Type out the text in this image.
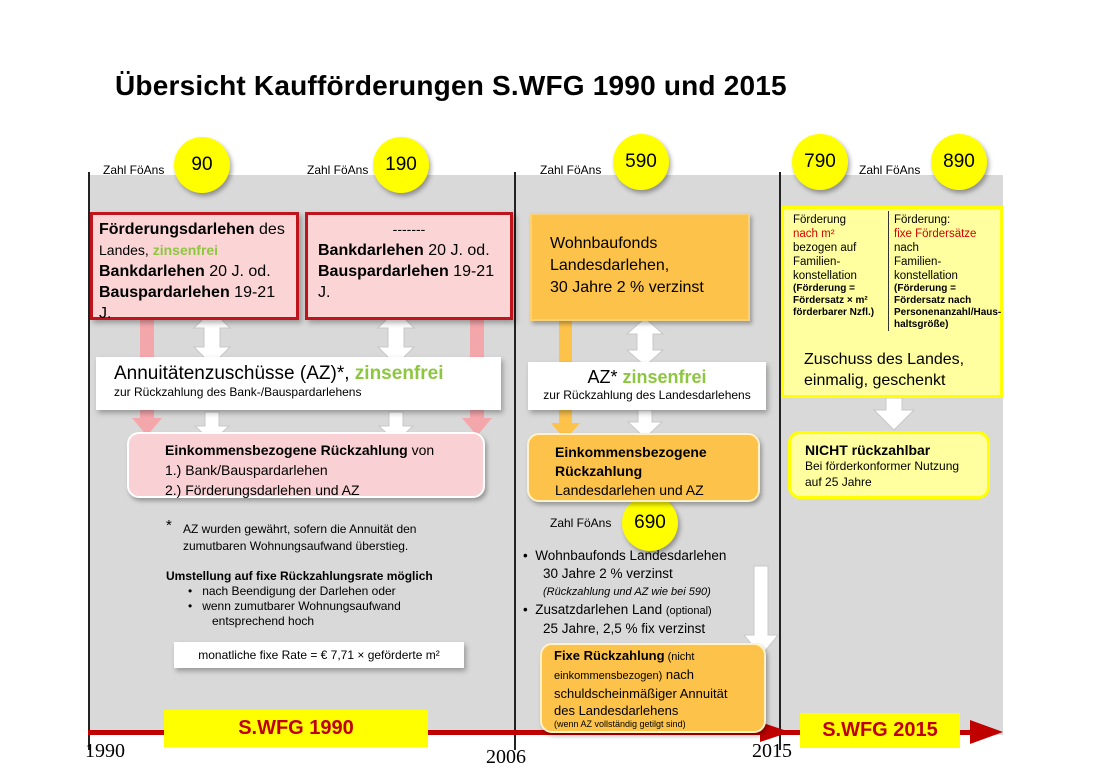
Übersicht Kaufförderungen S.WFG 1990 und 2015
Zahl FöAns	Zahl FöAns	Zahl FöAns	Zahl FöAns
Zahl FöAns
90	190	590
690
790	890
Förderungsdarlehen des
Landes, zinsenfrei
Bankdarlehen 20 J. od.
Bauspardarlehen 19-21 J.
-------
Bankdarlehen 20 J. od.
Bauspardarlehen 19-21 J.
Annuitätenzuschüsse (AZ)*, zinsenfrei
zur Rückzahlung des Bank-/Bauspardarlehens
Einkommensbezogene Rückzahlung von
1.) Bank/Bauspardarlehen
2.) Förderungsdarlehen und AZ
* AZ wurden gewährt, sofern die Annuität den
zumutbaren Wohnungsaufwand überstieg.
Umstellung auf fixe Rückzahlungsrate möglich
•   nach Beendigung der Darlehen oder
•   wenn zumutbarer Wohnungsaufwand
entsprechend hoch
monatliche fixe Rate = € 7,71 × geförderte m²
Wohnbaufonds
Landesdarlehen,
30 Jahre 2 % verzinst
AZ* zinsenfrei
zur Rückzahlung des Landesdarlehens
Einkommensbezogene
Rückzahlung
Landesdarlehen und AZ
•  Wohnbaufonds Landesdarlehen
30 Jahre 2 % verzinst
(Rückzahlung und AZ wie bei 590)
•  Zusatzdarlehen Land (optional)
25 Jahre, 2,5 % fix verzinst
Fixe Rückzahlung (nicht
einkommensbezogen) nach
schuldscheinmäßiger Annuität
des Landesdarlehens
(wenn AZ vollständig getilgt sind)
Förderung
nach m²
bezogen auf
Familien-
konstellation
(Förderung =
Fördersatz × m²
förderbarer Nzfl.)
Förderung:
fixe Fördersätze
nach
Familien-
konstellation
(Förderung =
Fördersatz nach
Personenanzahl/Haus-
haltsgröße)
Zuschuss des Landes,
einmalig, geschenkt
NICHT rückzahlbar
Bei förderkonformer Nutzung
auf 25 Jahre
S.WFG 1990	S.WFG 2015
1990	2006	2015
